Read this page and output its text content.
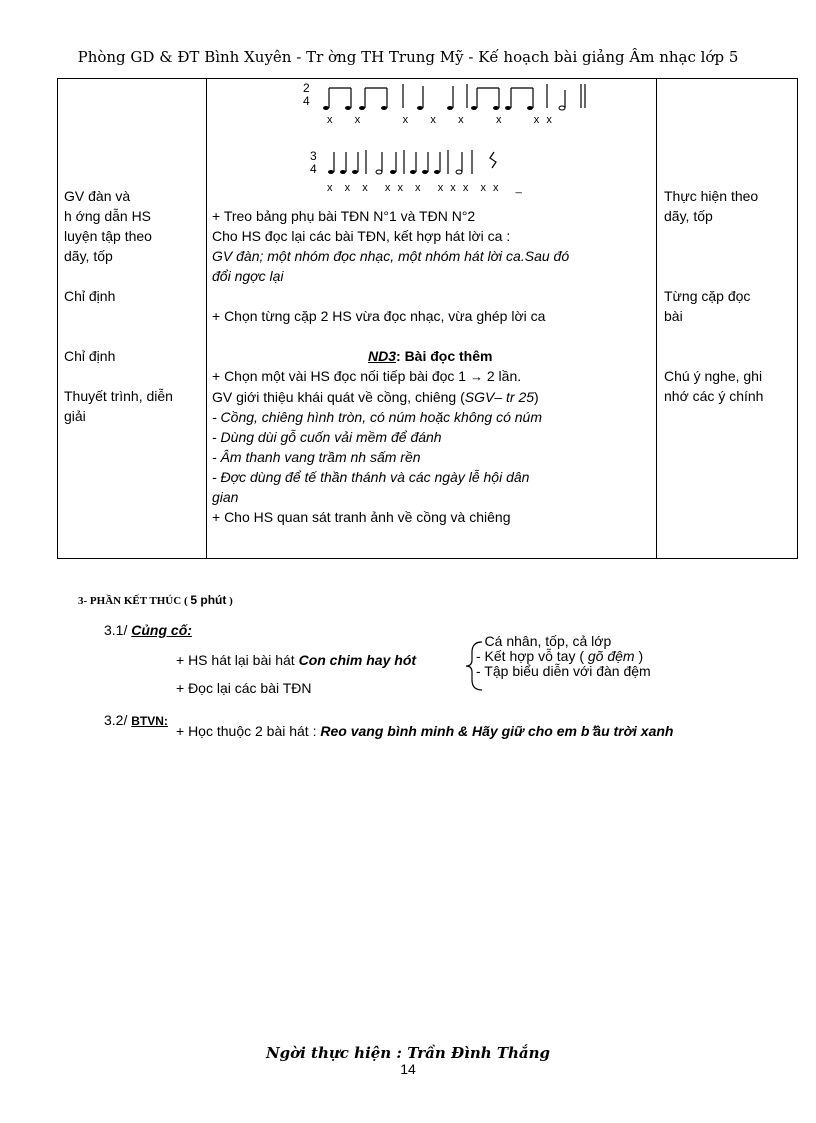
Phòng GD & ĐT Bình Xuyên - Tr ờng TH Trung Mỹ - Kế hoạch bài giảng Âm nhạc lớp 5
2
4
x    x        x    x    x      x      x x
3
4
x  x  x   x x  x   x x x  x x   _
GV đàn và
h ớng dẫn HS
luyện tập theo
dãy, tốp
Chỉ định
Chỉ định
Thuyết trình, diễn
giải
+ Treo bảng phụ bài TĐN N°1 và TĐN N°2
Cho HS đọc lại các bài TĐN, kết hợp hát lời ca :
GV đàn; một nhóm đọc nhạc, một nhóm hát lời ca.Sau đó
đổi ngợc lại
+ Chọn từng cặp 2 HS vừa đọc nhạc, vừa ghép lời ca
ND3: Bài đọc thêm
+ Chọn một vài HS đọc nối tiếp bài đọc 1 → 2 lần.
GV giới thiệu khái quát về cồng, chiêng (SGV– tr 25)
- Cồng, chiêng hình tròn, có núm hoặc không có núm
- Dùng dùi gỗ cuốn vải mềm để đánh
- Âm thanh vang trầm nh sấm rền
- Đợc dùng để tế thần thánh và các ngày lễ hội dân
gian
+ Cho HS quan sát tranh ảnh về cồng và chiêng
Thực hiện theo
dãy, tốp
Từng cặp đọc
bài
Chú ý nghe, ghi
nhớ các ý chính
3- PHẦN KẾT THÚC ( 5 phút )
3.1/ Củng cố:
+ HS hát lại bài hát Con chim hay hót
+ Đọc lại các bài TĐN
- Cá nhân, tốp, cả lớp
- Kết hợp vỗ tay ( gõ đệm )
- Tập biểu diễn với đàn đệm
3.2/ BTVN:
+ Học thuộc 2 bài hát : Reo vang bình minh & Hãy giữ cho em b ̛ầu trời xanh
Ngời thực hiện : Trần Đình Thắng
14
